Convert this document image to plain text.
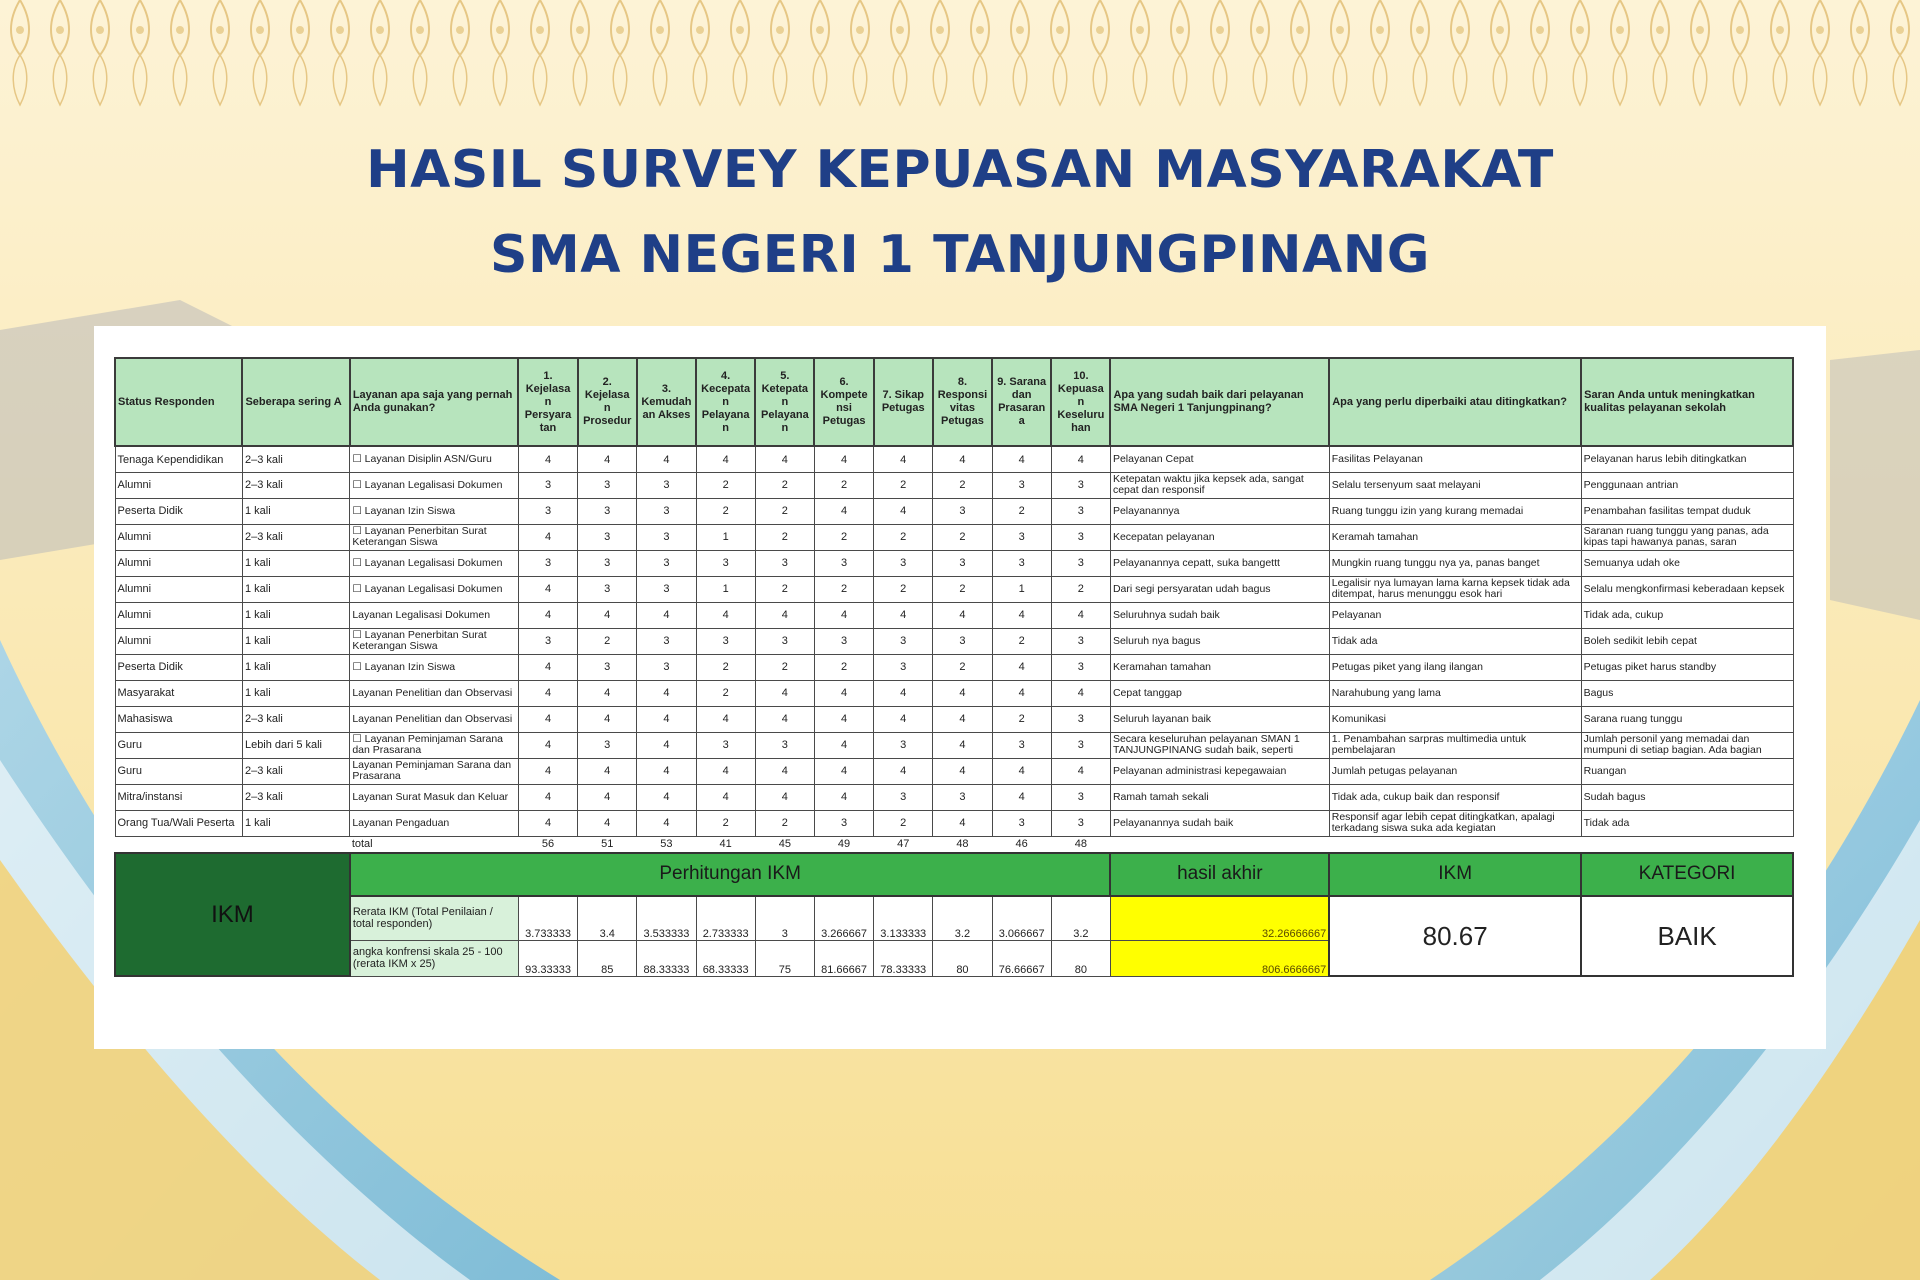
HASIL SURVEY KEPUASAN MASYARAKAT
SMA NEGERI 1 TANJUNGPINANG
Status Responden	Seberapa sering A	Layanan apa saja yang pernah Anda gunakan?	1. Kejelasa n Persyara tan	2. Kejelasa n Prosedur	3. Kemudah an Akses	4. Kecepata n Pelayana n	5. Ketepata n Pelayana n	6. Kompete nsi Petugas	7. Sikap Petugas	8. Responsi vitas Petugas	9. Sarana dan Prasaran a	10. Kepuasa n Keseluru han	Apa yang sudah baik dari pelayanan SMA Negeri 1 Tanjungpinang?	Apa yang perlu diperbaiki atau ditingkatkan?	Saran Anda untuk meningkatkan kualitas pelayanan sekolah
Tenaga Kependidikan	2–3 kali	☐ Layanan Disiplin ASN/Guru	4	4	4	4	4	4	4	4	4	4	Pelayanan Cepat	Fasilitas Pelayanan	Pelayanan harus lebih ditingkatkan
Alumni	2–3 kali	☐ Layanan Legalisasi Dokumen	3	3	3	2	2	2	2	2	3	3	Ketepatan waktu jika kepsek ada, sangat cepat dan responsif	Selalu tersenyum saat melayani	Penggunaan antrian
Peserta Didik	1 kali	☐ Layanan Izin Siswa	3	3	3	2	2	4	4	3	2	3	Pelayanannya	Ruang tunggu izin yang kurang memadai	Penambahan fasilitas tempat duduk
Alumni	2–3 kali	☐ Layanan Penerbitan Surat Keterangan Siswa	4	3	3	1	2	2	2	2	3	3	Kecepatan pelayanan	Keramah tamahan	Saranan ruang tunggu yang panas, ada kipas tapi hawanya panas, saran
Alumni	1 kali	☐ Layanan Legalisasi Dokumen	3	3	3	3	3	3	3	3	3	3	Pelayanannya cepatt, suka bangettt	Mungkin ruang tunggu nya ya, panas banget	Semuanya udah oke
Alumni	1 kali	☐ Layanan Legalisasi Dokumen	4	3	3	1	2	2	2	2	1	2	Dari segi persyaratan udah bagus	Legalisir nya lumayan lama karna kepsek tidak ada ditempat, harus menunggu esok hari	Selalu mengkonfirmasi keberadaan kepsek
Alumni	1 kali	Layanan Legalisasi Dokumen	4	4	4	4	4	4	4	4	4	4	Seluruhnya sudah baik	Pelayanan	Tidak ada, cukup
Alumni	1 kali	☐ Layanan Penerbitan Surat Keterangan Siswa	3	2	3	3	3	3	3	3	2	3	Seluruh nya bagus	Tidak ada	Boleh sedikit lebih cepat
Peserta Didik	1 kali	☐ Layanan Izin Siswa	4	3	3	2	2	2	3	2	4	3	Keramahan tamahan	Petugas piket yang ilang ilangan	Petugas piket harus standby
Masyarakat	1 kali	Layanan Penelitian dan Observasi	4	4	4	2	4	4	4	4	4	4	Cepat tanggap	Narahubung yang lama	Bagus
Mahasiswa	2–3 kali	Layanan Penelitian dan Observasi	4	4	4	4	4	4	4	4	2	3	Seluruh layanan baik	Komunikasi	Sarana ruang tunggu
Guru	Lebih dari 5 kali	☐ Layanan Peminjaman Sarana dan Prasarana	4	3	4	3	3	4	3	4	3	3	Secara keseluruhan pelayanan SMAN 1 TANJUNGPINANG sudah baik, seperti	1. Penambahan sarpras multimedia untuk pembelajaran	Jumlah personil yang memadai dan mumpuni di setiap bagian. Ada bagian
Guru	2–3 kali	Layanan Peminjaman Sarana dan Prasarana	4	4	4	4	4	4	4	4	4	4	Pelayanan administrasi kepegawaian	Jumlah petugas pelayanan	Ruangan
Mitra/instansi	2–3 kali	Layanan Surat Masuk dan Keluar	4	4	4	4	4	4	3	3	4	3	Ramah tamah sekali	Tidak ada, cukup baik dan responsif	Sudah bagus
Orang Tua/Wali Peserta	1 kali	Layanan Pengaduan	4	4	4	2	2	3	2	4	3	3	Pelayanannya sudah baik	Responsif agar lebih cepat ditingkatkan, apalagi terkadang siswa suka ada kegiatan	Tidak ada
		total	56	51	53	41	45	49	47	48	46	48			
IKM		Perhitungan IKM											hasil akhir	IKM	KATEGORI
		Rerata IKM (Total Penilaian / total responden)	3.733333	3.4	3.533333	2.733333	3	3.266667	3.133333	3.2	3.066667	3.2	32.26666667	80.67	BAIK
		angka konfrensi skala 25 - 100 (rerata IKM x 25)	93.33333	85	88.33333	68.33333	75	81.66667	78.33333	80	76.66667	80	806.6666667		
